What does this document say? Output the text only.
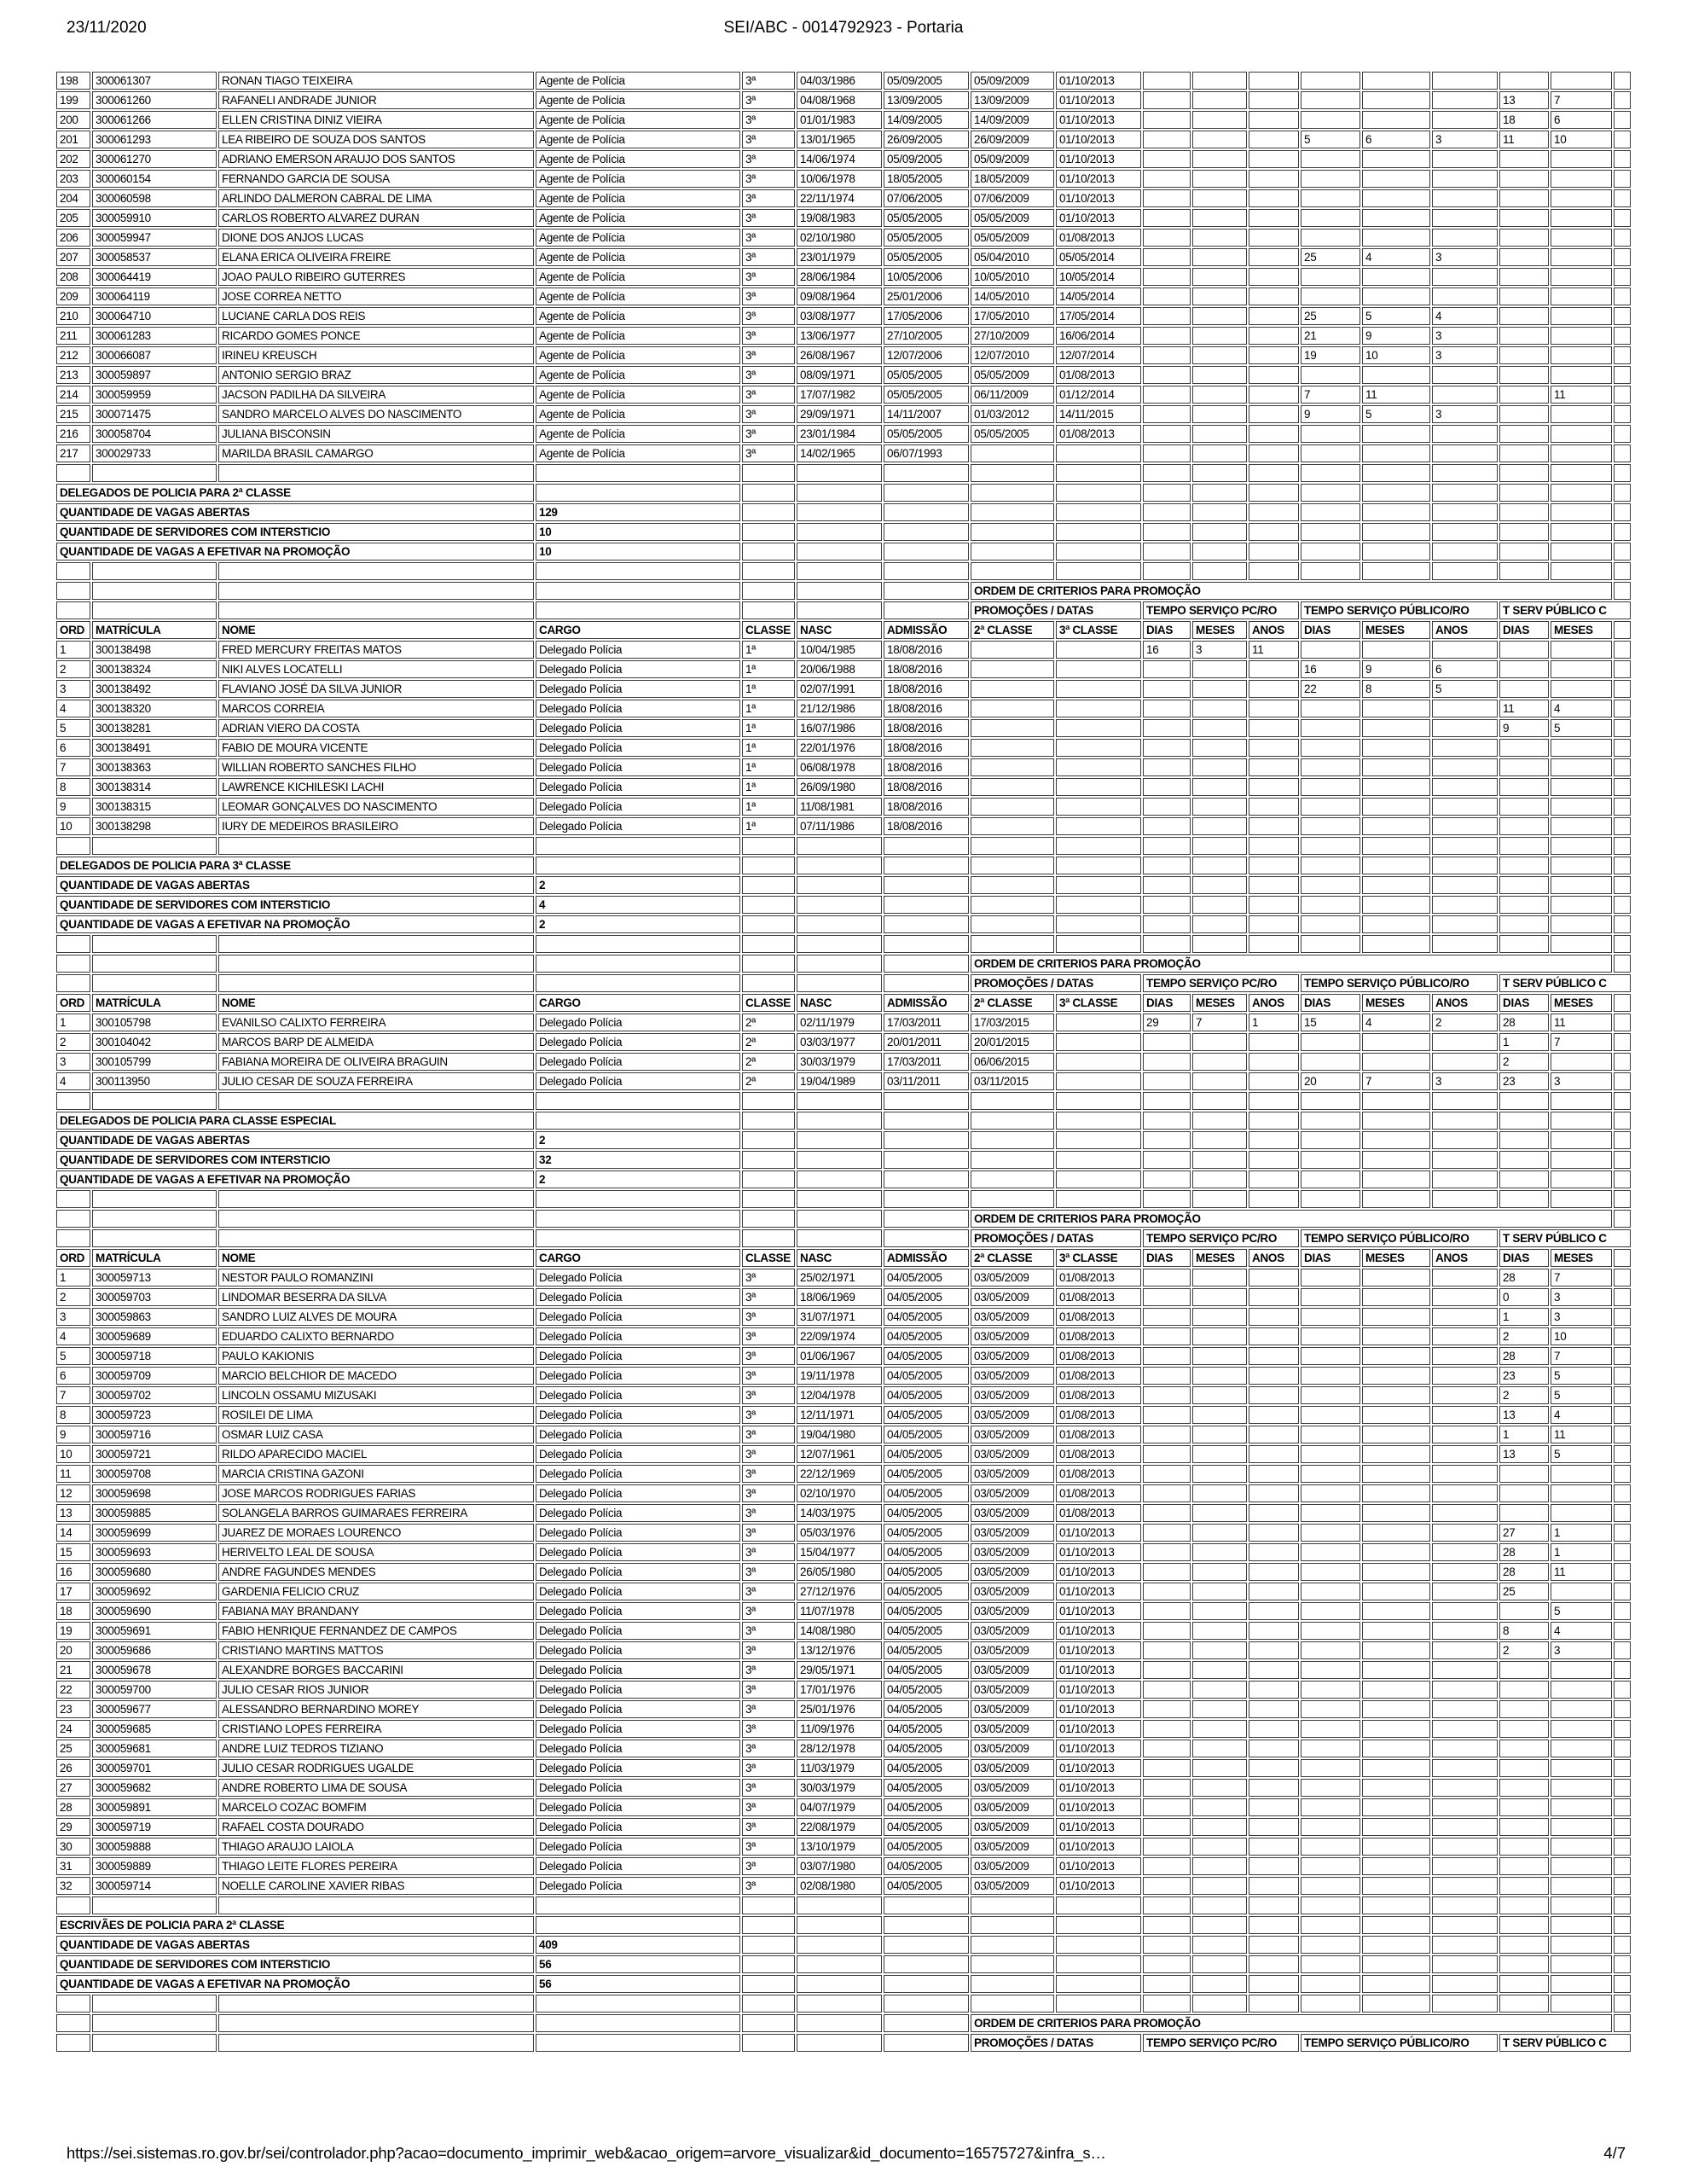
23/11/2020	SEI/ABC - 0014792923 - Portaria
198	300061307	RONAN TIAGO TEIXEIRA	Agente de Polícia	3ª	04/03/1986	05/09/2005	05/09/2009	01/10/2013									
199	300061260	RAFANELI ANDRADE JUNIOR	Agente de Polícia	3ª	04/08/1968	13/09/2005	13/09/2009	01/10/2013							13	7	
200	300061266	ELLEN CRISTINA DINIZ VIEIRA	Agente de Polícia	3ª	01/01/1983	14/09/2005	14/09/2009	01/10/2013							18	6	
201	300061293	LEA RIBEIRO DE SOUZA DOS SANTOS	Agente de Polícia	3ª	13/01/1965	26/09/2005	26/09/2009	01/10/2013				5	6	3	11	10	
202	300061270	ADRIANO EMERSON ARAUJO DOS SANTOS	Agente de Polícia	3ª	14/06/1974	05/09/2005	05/09/2009	01/10/2013									
203	300060154	FERNANDO GARCIA DE SOUSA	Agente de Polícia	3ª	10/06/1978	18/05/2005	18/05/2009	01/10/2013									
204	300060598	ARLINDO DALMERON CABRAL DE LIMA	Agente de Polícia	3ª	22/11/1974	07/06/2005	07/06/2009	01/10/2013									
205	300059910	CARLOS ROBERTO ALVAREZ DURAN	Agente de Polícia	3ª	19/08/1983	05/05/2005	05/05/2009	01/10/2013									
206	300059947	DIONE DOS ANJOS LUCAS	Agente de Polícia	3ª	02/10/1980	05/05/2005	05/05/2009	01/08/2013									
207	300058537	ELANA ERICA OLIVEIRA FREIRE	Agente de Polícia	3ª	23/01/1979	05/05/2005	05/04/2010	05/05/2014				25	4	3			
208	300064419	JOAO PAULO RIBEIRO GUTERRES	Agente de Polícia	3ª	28/06/1984	10/05/2006	10/05/2010	10/05/2014									
209	300064119	JOSE CORREA NETTO	Agente de Polícia	3ª	09/08/1964	25/01/2006	14/05/2010	14/05/2014									
210	300064710	LUCIANE CARLA DOS REIS	Agente de Polícia	3ª	03/08/1977	17/05/2006	17/05/2010	17/05/2014				25	5	4			
211	300061283	RICARDO GOMES PONCE	Agente de Polícia	3ª	13/06/1977	27/10/2005	27/10/2009	16/06/2014				21	9	3			
212	300066087	IRINEU KREUSCH	Agente de Polícia	3ª	26/08/1967	12/07/2006	12/07/2010	12/07/2014				19	10	3			
213	300059897	ANTONIO SERGIO BRAZ	Agente de Polícia	3ª	08/09/1971	05/05/2005	05/05/2009	01/08/2013									
214	300059959	JACSON PADILHA DA SILVEIRA	Agente de Polícia	3ª	17/07/1982	05/05/2005	06/11/2009	01/12/2014				7	11			11	
215	300071475	SANDRO MARCELO ALVES DO NASCIMENTO	Agente de Polícia	3ª	29/09/1971	14/11/2007	01/03/2012	14/11/2015				9	5	3			
216	300058704	JULIANA BISCONSIN	Agente de Polícia	3ª	23/01/1984	05/05/2005	05/05/2005	01/08/2013									
217	300029733	MARILDA BRASIL CAMARGO	Agente de Polícia	3ª	14/02/1965	06/07/1993											

DELEGADOS DE POLICIA PARA 2ª CLASSE																	
QUANTIDADE DE VAGAS ABERTAS			129														
QUANTIDADE DE SERVIDORES COM INTERSTICIO			10														
QUANTIDADE DE VAGAS A EFETIVAR NA PROMOÇÃO			10														

							ORDEM DE CRITERIOS PARA PROMOÇÃO										
							PROMOÇÕES / DATAS		TEMPO SERVIÇO PC/RO			TEMPO SERVIÇO PÚBLICO/RO			T SERV PÚBLICO C		
ORD	MATRÍCULA	NOME	CARGO	CLASSE	NASC	ADMISSÃO	2ª CLASSE	3ª CLASSE	DIAS	MESES	ANOS	DIAS	MESES	ANOS	DIAS	MESES	
1	300138498	FRED MERCURY FREITAS MATOS	Delegado Polícia	1ª	10/04/1985	18/08/2016			16	3	11						
2	300138324	NIKI ALVES LOCATELLI	Delegado Polícia	1ª	20/06/1988	18/08/2016						16	9	6			
3	300138492	FLAVIANO JOSÉ DA SILVA JUNIOR	Delegado Polícia	1ª	02/07/1991	18/08/2016						22	8	5			
4	300138320	MARCOS CORREIA	Delegado Polícia	1ª	21/12/1986	18/08/2016									11	4	
5	300138281	ADRIAN VIERO DA COSTA	Delegado Polícia	1ª	16/07/1986	18/08/2016									9	5	
6	300138491	FABIO DE MOURA VICENTE	Delegado Polícia	1ª	22/01/1976	18/08/2016											
7	300138363	WILLIAN ROBERTO SANCHES FILHO	Delegado Polícia	1ª	06/08/1978	18/08/2016											
8	300138314	LAWRENCE KICHILESKI LACHI	Delegado Polícia	1ª	26/09/1980	18/08/2016											
9	300138315	LEOMAR GONÇALVES DO NASCIMENTO	Delegado Polícia	1ª	11/08/1981	18/08/2016											
10	300138298	IURY DE MEDEIROS BRASILEIRO	Delegado Polícia	1ª	07/11/1986	18/08/2016											

DELEGADOS DE POLICIA PARA 3ª CLASSE																	
QUANTIDADE DE VAGAS ABERTAS			2														
QUANTIDADE DE SERVIDORES COM INTERSTICIO			4														
QUANTIDADE DE VAGAS A EFETIVAR NA PROMOÇÃO			2														

							ORDEM DE CRITERIOS PARA PROMOÇÃO										
							PROMOÇÕES / DATAS		TEMPO SERVIÇO PC/RO			TEMPO SERVIÇO PÚBLICO/RO			T SERV PÚBLICO C		
ORD	MATRÍCULA	NOME	CARGO	CLASSE	NASC	ADMISSÃO	2ª CLASSE	3ª CLASSE	DIAS	MESES	ANOS	DIAS	MESES	ANOS	DIAS	MESES	
1	300105798	EVANILSO CALIXTO FERREIRA	Delegado Polícia	2ª	02/11/1979	17/03/2011	17/03/2015		29	7	1	15	4	2	28	11	
2	300104042	MARCOS BARP DE ALMEIDA	Delegado Polícia	2ª	03/03/1977	20/01/2011	20/01/2015								1	7	
3	300105799	FABIANA MOREIRA DE OLIVEIRA BRAGUIN	Delegado Polícia	2ª	30/03/1979	17/03/2011	06/06/2015								2		
4	300113950	JULIO CESAR DE SOUZA FERREIRA	Delegado Polícia	2ª	19/04/1989	03/11/2011	03/11/2015					20	7	3	23	3	

DELEGADOS DE POLICIA PARA CLASSE ESPECIAL																	
QUANTIDADE DE VAGAS ABERTAS			2														
QUANTIDADE DE SERVIDORES COM INTERSTICIO			32														
QUANTIDADE DE VAGAS A EFETIVAR NA PROMOÇÃO			2														

							ORDEM DE CRITERIOS PARA PROMOÇÃO										
							PROMOÇÕES / DATAS		TEMPO SERVIÇO PC/RO			TEMPO SERVIÇO PÚBLICO/RO			T SERV PÚBLICO C		
ORD	MATRÍCULA	NOME	CARGO	CLASSE	NASC	ADMISSÃO	2ª CLASSE	3ª CLASSE	DIAS	MESES	ANOS	DIAS	MESES	ANOS	DIAS	MESES	
1	300059713	NESTOR PAULO ROMANZINI	Delegado Polícia	3ª	25/02/1971	04/05/2005	03/05/2009	01/08/2013							28	7	
2	300059703	LINDOMAR BESERRA DA SILVA	Delegado Polícia	3ª	18/06/1969	04/05/2005	03/05/2009	01/08/2013							0	3	
3	300059863	SANDRO LUIZ ALVES DE MOURA	Delegado Polícia	3ª	31/07/1971	04/05/2005	03/05/2009	01/08/2013							1	3	
4	300059689	EDUARDO CALIXTO BERNARDO	Delegado Polícia	3ª	22/09/1974	04/05/2005	03/05/2009	01/08/2013							2	10	
5	300059718	PAULO KAKIONIS	Delegado Polícia	3ª	01/06/1967	04/05/2005	03/05/2009	01/08/2013							28	7	
6	300059709	MARCIO BELCHIOR DE MACEDO	Delegado Polícia	3ª	19/11/1978	04/05/2005	03/05/2009	01/08/2013							23	5	
7	300059702	LINCOLN OSSAMU MIZUSAKI	Delegado Polícia	3ª	12/04/1978	04/05/2005	03/05/2009	01/08/2013							2	5	
8	300059723	ROSILEI DE LIMA	Delegado Polícia	3ª	12/11/1971	04/05/2005	03/05/2009	01/08/2013							13	4	
9	300059716	OSMAR LUIZ CASA	Delegado Polícia	3ª	19/04/1980	04/05/2005	03/05/2009	01/08/2013							1	11	
10	300059721	RILDO APARECIDO MACIEL	Delegado Polícia	3ª	12/07/1961	04/05/2005	03/05/2009	01/08/2013							13	5	
11	300059708	MARCIA CRISTINA GAZONI	Delegado Polícia	3ª	22/12/1969	04/05/2005	03/05/2009	01/08/2013									
12	300059698	JOSE MARCOS RODRIGUES FARIAS	Delegado Polícia	3ª	02/10/1970	04/05/2005	03/05/2009	01/08/2013									
13	300059885	SOLANGELA BARROS GUIMARAES FERREIRA	Delegado Polícia	3ª	14/03/1975	04/05/2005	03/05/2009	01/08/2013									
14	300059699	JUAREZ DE MORAES LOURENCO	Delegado Polícia	3ª	05/03/1976	04/05/2005	03/05/2009	01/10/2013							27	1	
15	300059693	HERIVELTO LEAL DE SOUSA	Delegado Polícia	3ª	15/04/1977	04/05/2005	03/05/2009	01/10/2013							28	1	
16	300059680	ANDRE FAGUNDES MENDES	Delegado Polícia	3ª	26/05/1980	04/05/2005	03/05/2009	01/10/2013							28	11	
17	300059692	GARDENIA FELICIO CRUZ	Delegado Polícia	3ª	27/12/1976	04/05/2005	03/05/2009	01/10/2013							25		
18	300059690	FABIANA MAY BRANDANY	Delegado Polícia	3ª	11/07/1978	04/05/2005	03/05/2009	01/10/2013								5	
19	300059691	FABIO HENRIQUE FERNANDEZ DE CAMPOS	Delegado Polícia	3ª	14/08/1980	04/05/2005	03/05/2009	01/10/2013							8	4	
20	300059686	CRISTIANO MARTINS MATTOS	Delegado Polícia	3ª	13/12/1976	04/05/2005	03/05/2009	01/10/2013							2	3	
21	300059678	ALEXANDRE BORGES BACCARINI	Delegado Polícia	3ª	29/05/1971	04/05/2005	03/05/2009	01/10/2013									
22	300059700	JULIO CESAR RIOS JUNIOR	Delegado Polícia	3ª	17/01/1976	04/05/2005	03/05/2009	01/10/2013									
23	300059677	ALESSANDRO BERNARDINO MOREY	Delegado Polícia	3ª	25/01/1976	04/05/2005	03/05/2009	01/10/2013									
24	300059685	CRISTIANO LOPES FERREIRA	Delegado Polícia	3ª	11/09/1976	04/05/2005	03/05/2009	01/10/2013									
25	300059681	ANDRE LUIZ TEDROS TIZIANO	Delegado Polícia	3ª	28/12/1978	04/05/2005	03/05/2009	01/10/2013									
26	300059701	JULIO CESAR RODRIGUES UGALDE	Delegado Polícia	3ª	11/03/1979	04/05/2005	03/05/2009	01/10/2013									
27	300059682	ANDRE ROBERTO LIMA DE SOUSA	Delegado Polícia	3ª	30/03/1979	04/05/2005	03/05/2009	01/10/2013									
28	300059891	MARCELO COZAC BOMFIM	Delegado Polícia	3ª	04/07/1979	04/05/2005	03/05/2009	01/10/2013									
29	300059719	RAFAEL COSTA DOURADO	Delegado Polícia	3ª	22/08/1979	04/05/2005	03/05/2009	01/10/2013									
30	300059888	THIAGO ARAUJO LAIOLA	Delegado Polícia	3ª	13/10/1979	04/05/2005	03/05/2009	01/10/2013									
31	300059889	THIAGO LEITE FLORES PEREIRA	Delegado Polícia	3ª	03/07/1980	04/05/2005	03/05/2009	01/10/2013									
32	300059714	NOELLE CAROLINE XAVIER RIBAS	Delegado Polícia	3ª	02/08/1980	04/05/2005	03/05/2009	01/10/2013									

ESCRIVÃES DE POLICIA PARA 2ª CLASSE																	
QUANTIDADE DE VAGAS ABERTAS			409														
QUANTIDADE DE SERVIDORES COM INTERSTICIO			56														
QUANTIDADE DE VAGAS A EFETIVAR NA PROMOÇÃO			56														

							ORDEM DE CRITERIOS PARA PROMOÇÃO										
							PROMOÇÕES / DATAS		TEMPO SERVIÇO PC/RO			TEMPO SERVIÇO PÚBLICO/RO			T SERV PÚBLICO C		
https://sei.sistemas.ro.gov.br/sei/controlador.php?acao=documento_imprimir_web&acao_origem=arvore_visualizar&id_documento=16575727&infra_s…	4/7
